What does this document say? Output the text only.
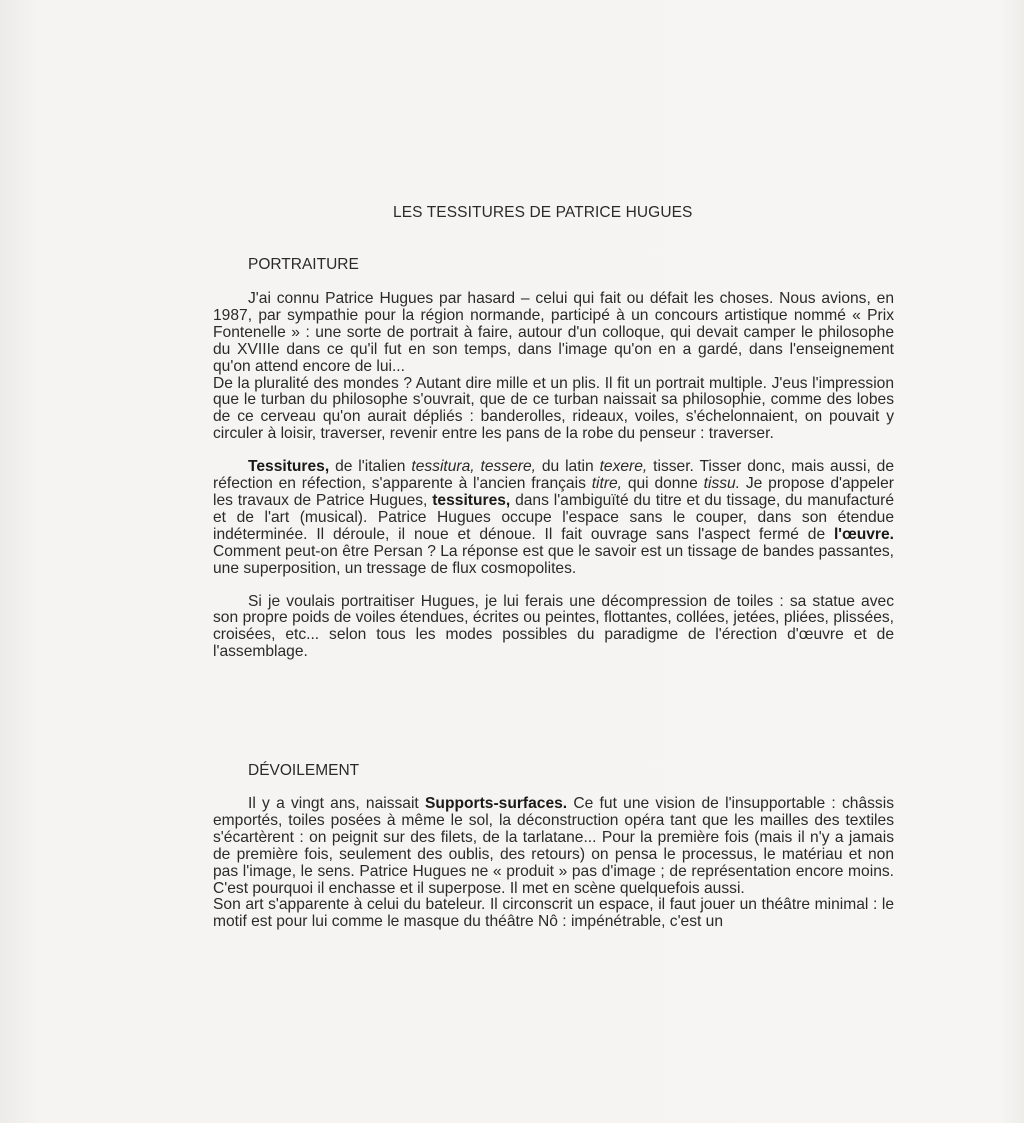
LES TESSITURES DE PATRICE HUGUES
PORTRAITURE

J'ai connu Patrice Hugues par hasard – celui qui fait ou défait les choses. Nous avions, en 1987, par sympathie pour la région normande, participé à un concours artistique nommé « Prix Fontenelle » : une sorte de portrait à faire, autour d'un colloque, qui devait camper le philosophe du XVIIIe dans ce qu'il fut en son temps, dans l'image qu'on en a gardé, dans l'enseignement qu'on attend encore de lui...

De la pluralité des mondes ? Autant dire mille et un plis. Il fit un portrait multiple. J'eus l'impression que le turban du philosophe s'ouvrait, que de ce turban naissait sa philosophie, comme des lobes de ce cerveau qu'on aurait dépliés : banderolles, rideaux, voiles, s'échelonnaient, on pouvait y circuler à loisir, traverser, revenir entre les pans de la robe du penseur : traverser.

Tessitures, de l'italien tessitura, tessere, du latin texere, tisser. Tisser donc, mais aussi, de réfection en réfection, s'apparente à l'ancien français titre, qui donne tissu. Je propose d'appeler les travaux de Patrice Hugues, tessitures, dans l'ambiguïté du titre et du tissage, du manufacturé et de l'art (musical). Patrice Hugues occupe l'espace sans le couper, dans son étendue indéterminée. Il déroule, il noue et dénoue. Il fait ouvrage sans l'aspect fermé de l'œuvre. Comment peut-on être Persan ? La réponse est que le savoir est un tissage de bandes passantes, une superposition, un tressage de flux cosmopolites.

Si je voulais portraitiser Hugues, je lui ferais une décompression de toiles : sa statue avec son propre poids de voiles étendues, écrites ou peintes, flottantes, collées, jetées, pliées, plissées, croisées, etc... selon tous les modes possibles du paradigme de l'érection d'œuvre et de l'assemblage.

DÉVOILEMENT

Il y a vingt ans, naissait Supports-surfaces. Ce fut une vision de l'insupportable : châssis emportés, toiles posées à même le sol, la déconstruction opéra tant que les mailles des textiles s'écartèrent : on peignit sur des filets, de la tarlatane... Pour la première fois (mais il n'y a jamais de première fois, seulement des oublis, des retours) on pensa le processus, le matériau et non pas l'image, le sens. Patrice Hugues ne « produit » pas d'image ; de représentation encore moins. C'est pourquoi il enchasse et il superpose. Il met en scène quelquefois aussi.

Son art s'apparente à celui du bateleur. Il circonscrit un espace, il faut jouer un théâtre minimal : le motif est pour lui comme le masque du théâtre Nô : impénétrable, c'est un
